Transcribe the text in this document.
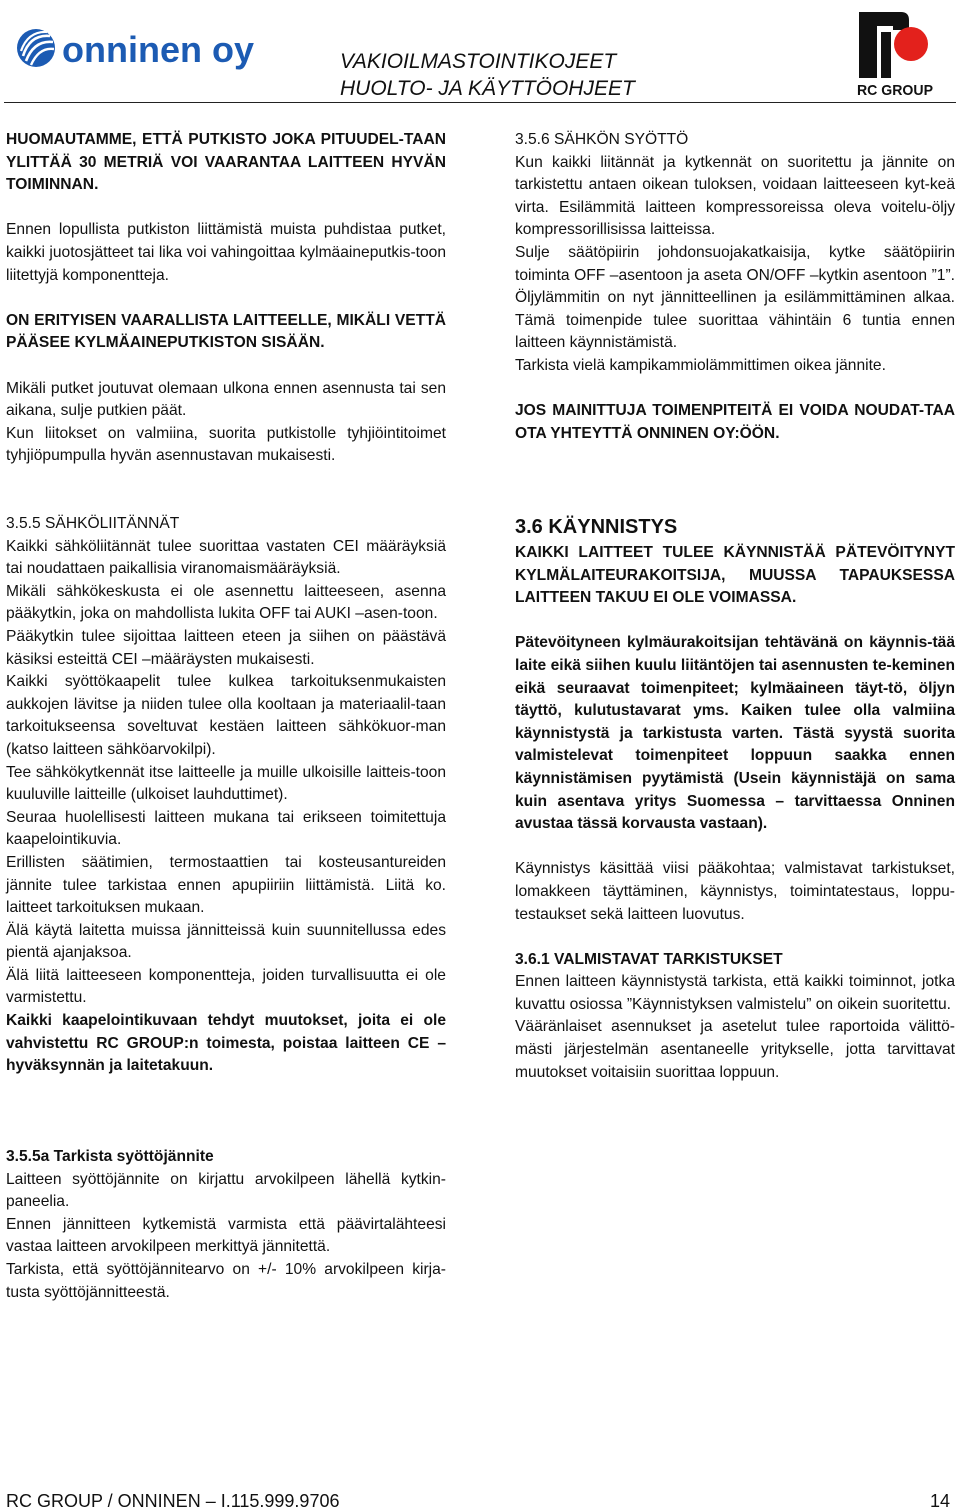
onninen oy	VAKIOILMASTOINTIKOJEET
HUOLTO- JA KÄYTTÖOHJEET	RC GROUP

HUOMAUTAMME, ETTÄ PUTKISTO JOKA PITUUDEL-TAAN YLITTÄÄ 30 METRIÄ VOI VAARANTAA LAITTEEN HYVÄN TOIMINNAN.

Ennen lopullista putkiston liittämistä muista puhdistaa putket, kaikki juotosjätteet tai lika voi vahingoittaa kylmäaineputkis-toon liitettyjä komponentteja.

ON ERITYISEN VAARALLISTA LAITTEELLE, MIKÄLI VETTÄ PÄÄSEE KYLMÄAINEPUTKISTON SISÄÄN.

Mikäli putket joutuvat olemaan ulkona ennen asennusta tai sen aikana, sulje putkien päät.

Kun liitokset on valmiina, suorita putkistolle tyhjiöintitoimet tyhjiöpumpulla hyvän asennustavan mukaisesti.

3.5.6 SÄHKÖN SYÖTTÖ

Kun kaikki liitännät ja kytkennät on suoritettu ja jännite on tarkistettu antaen oikean tuloksen, voidaan laitteeseen kyt-keä virta. Esilämmitä laitteen kompressoreissa oleva voitelu-öljy kompressorillisissa laitteissa.

Sulje säätöpiirin johdonsuojakatkaisija, kytke säätöpiirin toiminta OFF –asentoon ja aseta ON/OFF –kytkin asentoon ”1”. Öljylämmitin on nyt jännitteellinen ja esilämmittäminen alkaa. Tämä toimenpide tulee suorittaa vähintäin 6 tuntia ennen laitteen käynnistämistä.

Tarkista vielä kampikammiolämmittimen oikea jännite.

JOS MAINITTUJA TOIMENPITEITÄ EI VOIDA NOUDAT-TAA OTA YHTEYTTÄ ONNINEN OY:ÖÖN.

3.5.5 SÄHKÖLIITÄNNÄT

Kaikki sähköliitännät tulee suorittaa vastaten CEI määräyksiä tai noudattaen paikallisia viranomaismääräyksiä.

Mikäli sähkökeskusta ei ole asennettu laitteeseen, asenna pääkytkin, joka on mahdollista lukita OFF tai AUKI –asen-toon.

Pääkytkin tulee sijoittaa laitteen eteen ja siihen on päästävä käsiksi esteittä CEI –määräysten mukaisesti.

Kaikki syöttökaapelit tulee kulkea tarkoituksenmukaisten aukkojen lävitse ja niiden tulee olla kooltaan ja materiaalil-taan tarkoitukseensa soveltuvat kestäen laitteen sähkökuor-man (katso laitteen sähköarvokilpi).

Tee sähkökytkennät itse laitteelle ja muille ulkoisille laitteis-toon kuuluville laitteille (ulkoiset lauhduttimet).

Seuraa huolellisesti laitteen mukana tai erikseen toimitettuja kaapelointikuvia.

Erillisten säätimien, termostaattien tai kosteusantureiden jännite tulee tarkistaa ennen apupiiriin liittämistä. Liitä ko. laitteet tarkoituksen mukaan.

Älä käytä laitetta muissa jännitteissä kuin suunnitellussa edes pientä ajanjaksoa.

Älä liitä laitteeseen komponentteja, joiden turvallisuutta ei ole varmistettu.

Kaikki kaapelointikuvaan tehdyt muutokset, joita ei ole vahvistettu RC GROUP:n toimesta, poistaa laitteen CE –hyväksynnän ja laitetakuun.

3.6 KÄYNNISTYS

KAIKKI LAITTEET TULEE KÄYNNISTÄÄ PÄTEVÖITYNYT KYLMÄLAITEURAKOITSIJA, MUUSSA TAPAUKSESSA LAITTEEN TAKUU EI OLE VOIMASSA.

Pätevöityneen kylmäurakoitsijan tehtävänä on käynnis-tää laite eikä siihen kuulu liitäntöjen tai asennusten te-keminen eikä seuraavat toimenpiteet; kylmäaineen täyt-tö, öljyn täyttö, kulutustavarat yms. Kaiken tulee olla valmiina käynnistystä ja tarkistusta varten. Tästä syystä suorita valmistelevat toimenpiteet loppuun saakka ennen käynnistämisen pyytämistä (Usein käynnistäjä on sama kuin asentava yritys Suomessa – tarvittaessa Onninen avustaa tässä korvausta vastaan).

Käynnistys käsittää viisi pääkohtaa; valmistavat tarkistukset, lomakkeen täyttäminen, käynnistys, toimintatestaus, loppu-testaukset sekä laitteen luovutus.

3.6.1 VALMISTAVAT TARKISTUKSET

Ennen laitteen käynnistystä tarkista, että kaikki toiminnot, jotka kuvattu osiossa ”Käynnistyksen valmistelu” on oikein suoritettu.

Vääränlaiset asennukset ja asetelut tulee raportoida välittö-mästi järjestelmän asentaneelle yritykselle, jotta tarvittavat muutokset voitaisiin suorittaa loppuun.

3.5.5a Tarkista syöttöjännite

Laitteen syöttöjännite on kirjattu arvokilpeen lähellä kytkin-paneelia.

Ennen jännitteen kytkemistä varmista että päävirtalähteesi vastaa laitteen arvokilpeen merkittyä jännitettä.

Tarkista, että syöttöjännitearvo on +/- 10% arvokilpeen kirja-tusta syöttöjännitteestä.

RC GROUP / ONNINEN – I.115.999.9706	14
